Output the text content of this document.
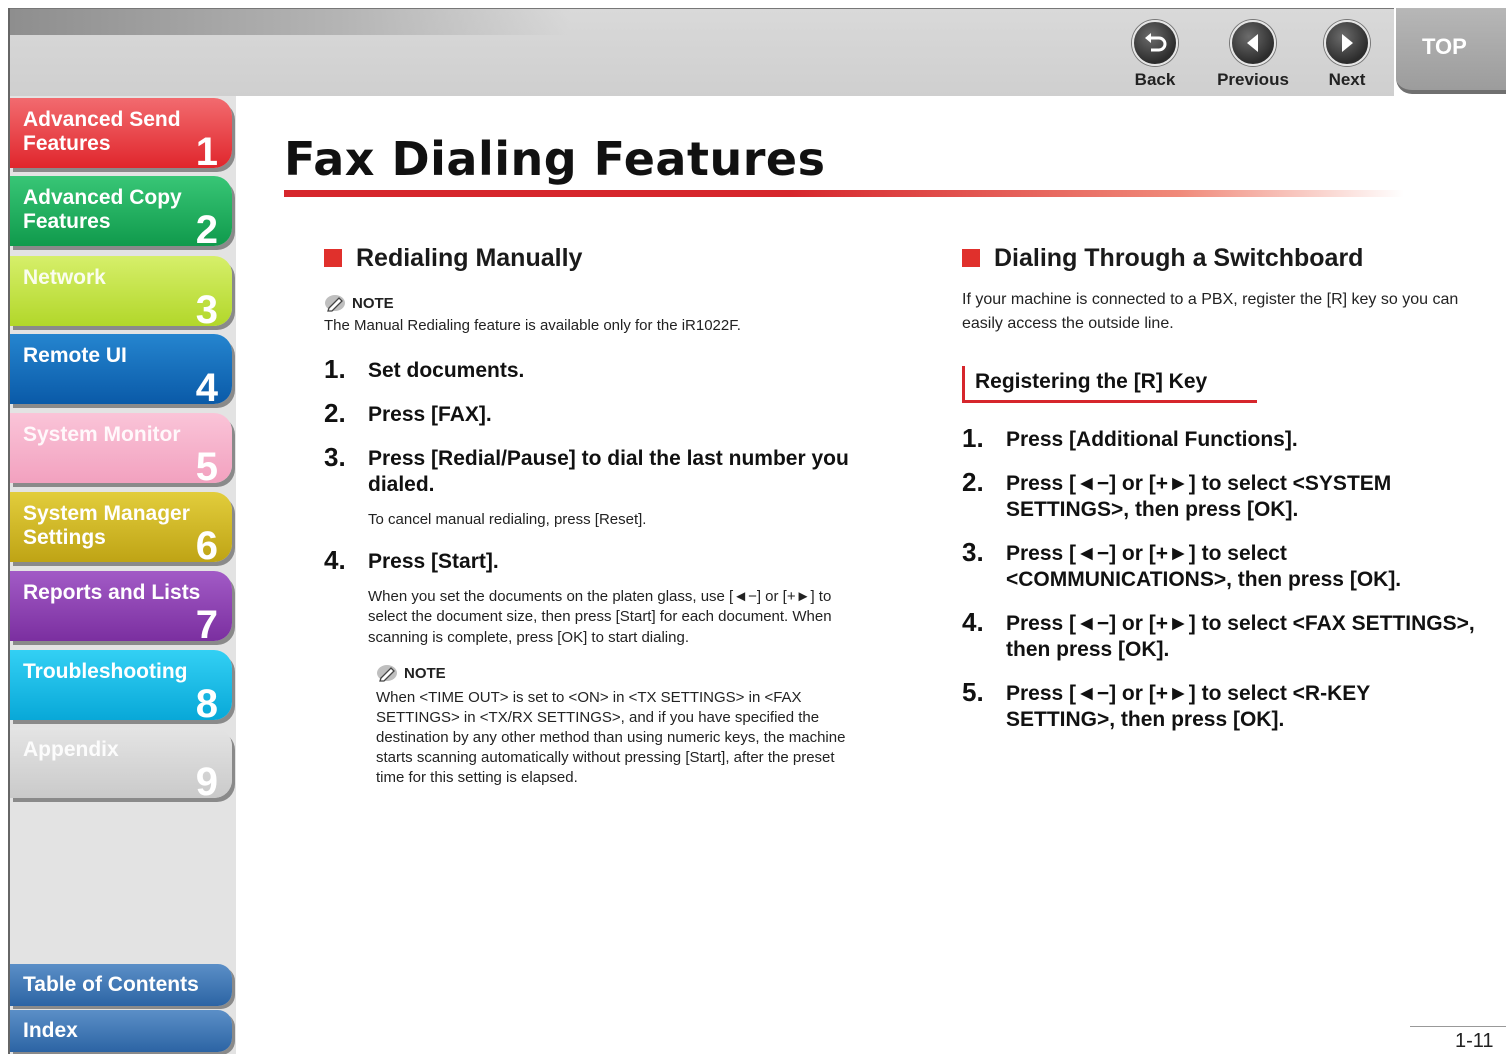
Back	Previous	Next
TOP
Advanced Send Features	1
Advanced Copy Features	2
Network
3
Remote UI
4
System Monitor
5
System Manager Settings	6
Reports and Lists
7
Troubleshooting
8
Appendix
9
Table of Contents
Index
Fax Dialing Features
Redialing Manually
NOTE

The Manual Redialing feature is available only for the iR1022F.

1. Set documents.
2. Press [FAX].
3. Press [Redial/Pause] to dial the last number you dialed.

To cancel manual redialing, press [Reset].

4. Press [Start].

When you set the documents on the platen glass, use [◄−] or [+►] to select the document size, then press [Start] for each document. When scanning is complete, press [OK] to start dialing.

NOTE

When <TIME OUT> is set to <ON> in <TX SETTINGS> in <FAX SETTINGS> in <TX/RX SETTINGS>, and if you have specified the destination by any other method than using numeric keys, the machine starts scanning automatically without pressing [Start], after the preset time for this setting is elapsed.

Dialing Through a Switchboard

If your machine is connected to a PBX, register the [R] key so you can easily access the outside line.

Registering the [R] Key
1. Press [Additional Functions].
2. Press [◄−] or [+►] to select <SYSTEM SETTINGS>, then press [OK].
3. Press [◄−] or [+►] to select <COMMUNICATIONS>, then press [OK].
4. Press [◄−] or [+►] to select <FAX SETTINGS>, then press [OK].
5. Press [◄−] or [+►] to select <R-KEY SETTING>, then press [OK].
1-11
